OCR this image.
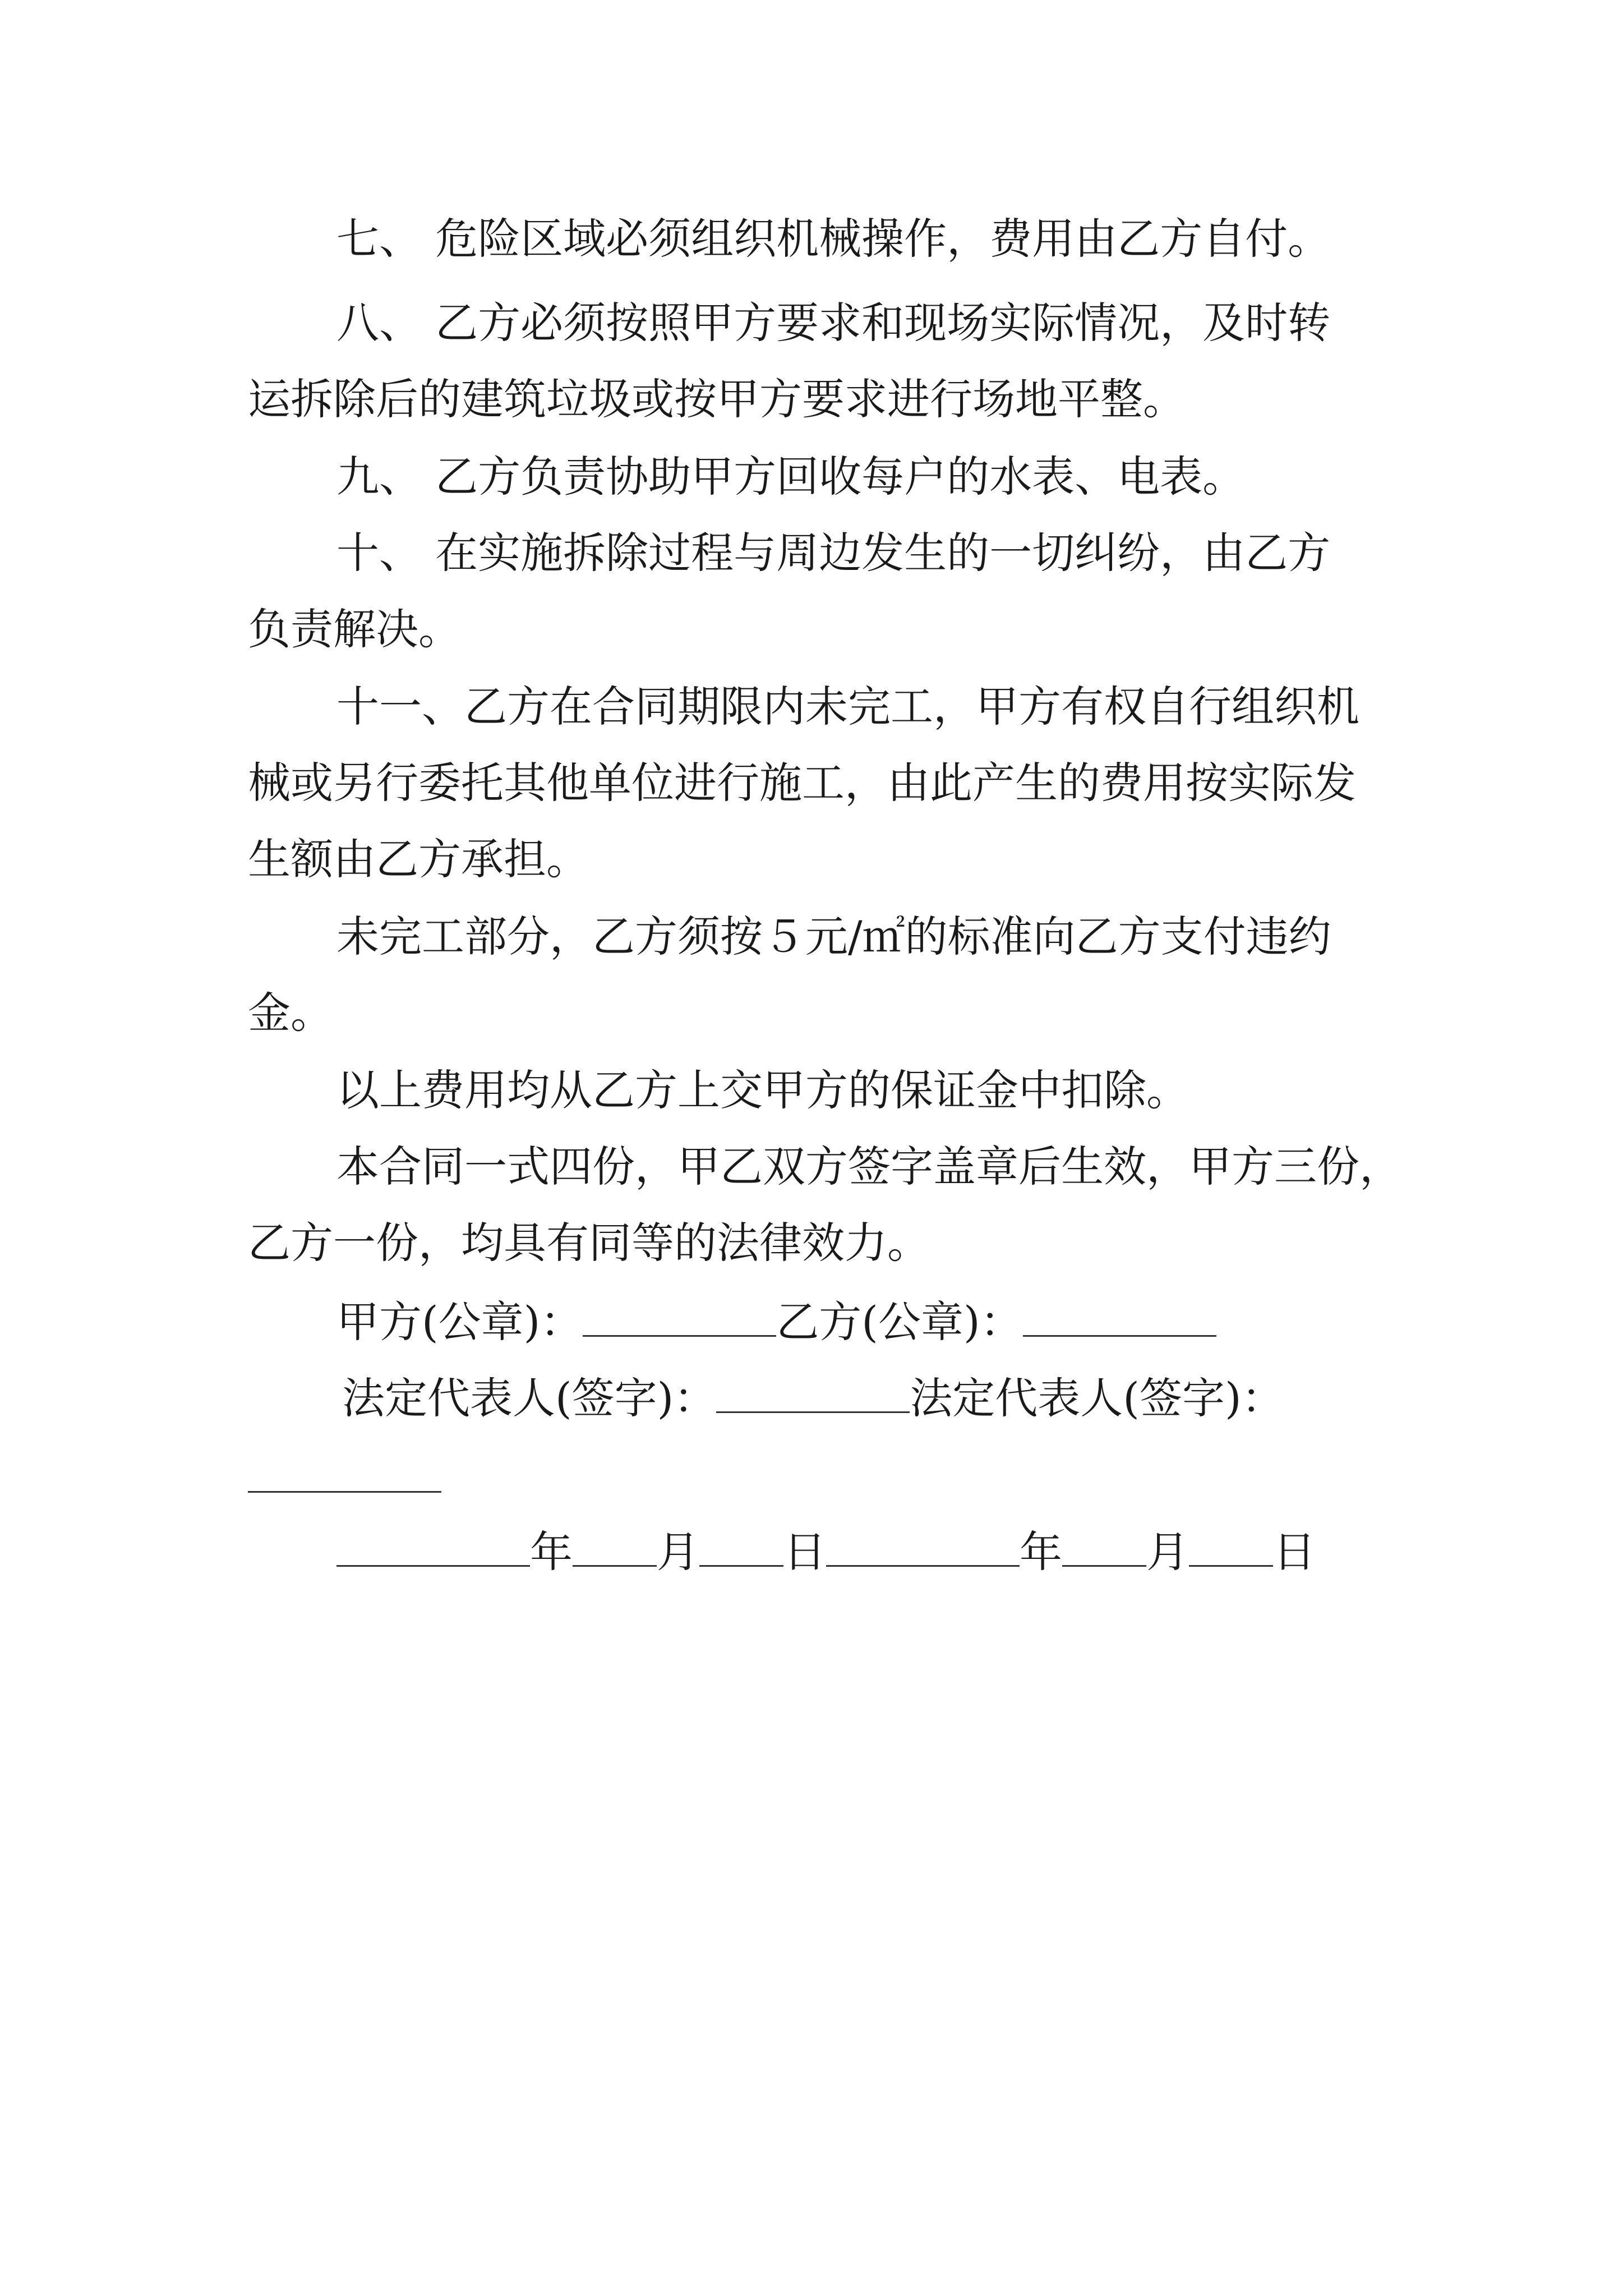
七、 危险区域必须组织机械操作，费用由乙方自付。
八、 乙方必须按照甲方要求和现场实际情况，及时转
运拆除后的建筑垃圾或按甲方要求进行场地平整。
九、 乙方负责协助甲方回收每户的水表、电表。
十、 在实施拆除过程与周边发生的一切纠纷，由乙方
负责解决。
十一、乙方在合同期限内未完工，甲方有权自行组织机
械或另行委托其他单位进行施工，由此产生的费用按实际发
生额由乙方承担。
未完工部分，乙方须按５元/㎡的标准向乙方支付违约
金。
以上费用均从乙方上交甲方的保证金中扣除。
本合同一式四份，甲乙双方签字盖章后生效，甲方三份，
乙方一份，均具有同等的法律效力。
甲方(公章)：	乙方(公章)：
法定代表人(签字)：	法定代表人(签字)：
年 月 日	年 月 日
